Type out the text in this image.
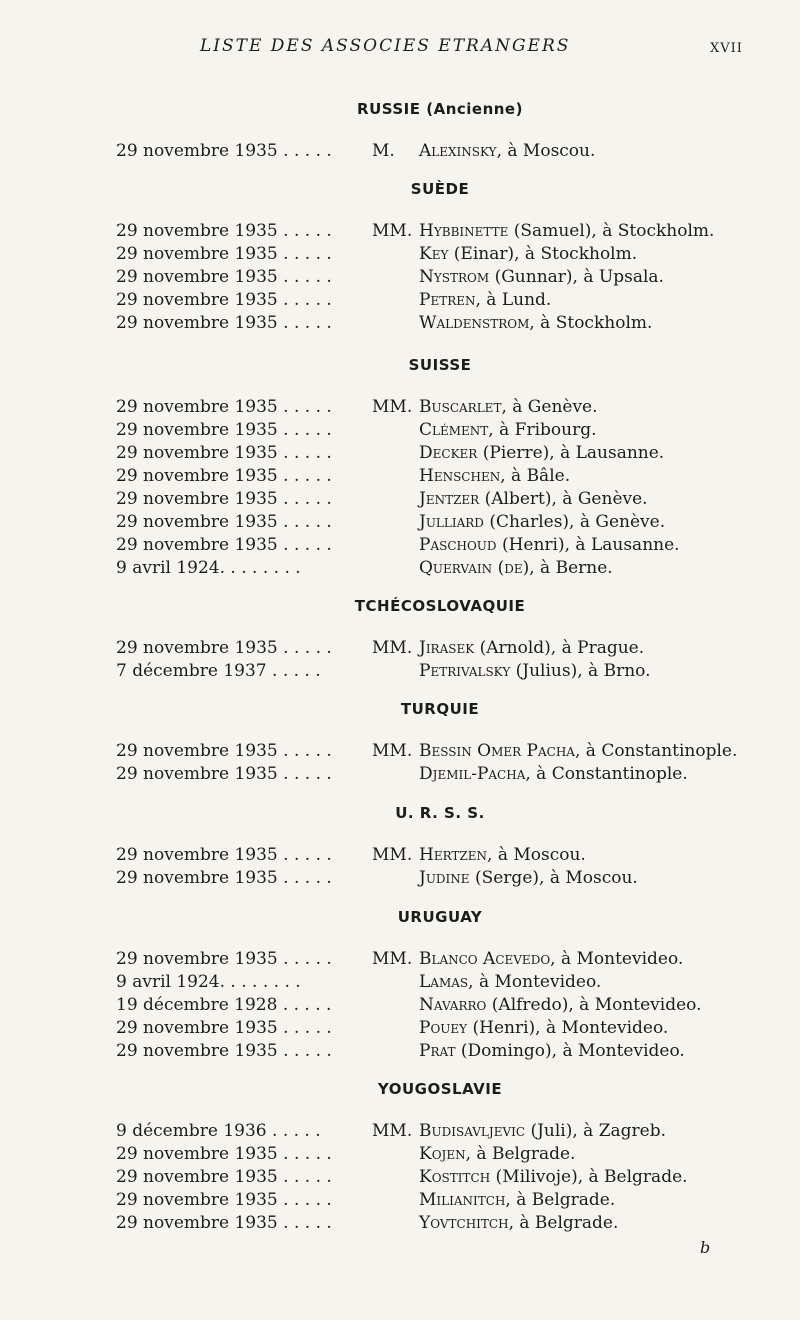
LISTE DES ASSOCIES ETRANGERS	XVII
RUSSIE (Ancienne)
29 novembre 1935 . . . . . M. Alexinsky, à Moscou.
SUÈDE
29 novembre 1935 . . . . . MM. Hybbinette (Samuel), à Stockholm.
29 novembre 1935 . . . . .	Key (Einar), à Stockholm.
29 novembre 1935 . . . . .	Nystrom (Gunnar), à Upsala.
29 novembre 1935 . . . . .	Petren, à Lund.
29 novembre 1935 . . . . .	Waldenstrom, à Stockholm.
SUISSE
29 novembre 1935 . . . . . MM. Buscarlet, à Genève.
29 novembre 1935 . . . . .	Clément, à Fribourg.
29 novembre 1935 . . . . .	Decker (Pierre), à Lausanne.
29 novembre 1935 . . . . .	Henschen, à Bâle.
29 novembre 1935 . . . . .	Jentzer (Albert), à Genève.
29 novembre 1935 . . . . .	Julliard (Charles), à Genève.
29 novembre 1935 . . . . .	Paschoud (Henri), à Lausanne.
9 avril 1924. . . . . . . .	Quervain (de), à Berne.
TCHÉCOSLOVAQUIE
29 novembre 1935 . . . . . MM. Jirasek (Arnold), à Prague.
7 décembre 1937 . . . . .	Petrivalsky (Julius), à Brno.
TURQUIE
29 novembre 1935 . . . . . MM. Bessin Omer Pacha, à Constantinople.
29 novembre 1935 . . . . .	Djemil-Pacha, à Constantinople.
U. R. S. S.
29 novembre 1935 . . . . . MM. Hertzen, à Moscou.
29 novembre 1935 . . . . .	Judine (Serge), à Moscou.
URUGUAY
29 novembre 1935 . . . . . MM. Blanco Acevedo, à Montevideo.
9 avril 1924. . . . . . . .	Lamas, à Montevideo.
19 décembre 1928 . . . . .	Navarro (Alfredo), à Montevideo.
29 novembre 1935 . . . . .	Pouey (Henri), à Montevideo.
29 novembre 1935 . . . . .	Prat (Domingo), à Montevideo.
YOUGOSLAVIE
9 décembre 1936 . . . . .	MM. Budisavljevic (Juli), à Zagreb.
29 novembre 1935 . . . . .	Kojen, à Belgrade.
29 novembre 1935 . . . . .	Kostitch (Milivoje), à Belgrade.
29 novembre 1935 . . . . .	Milianitch, à Belgrade.
29 novembre 1935 . . . . .	Yovtchitch, à Belgrade.
b
